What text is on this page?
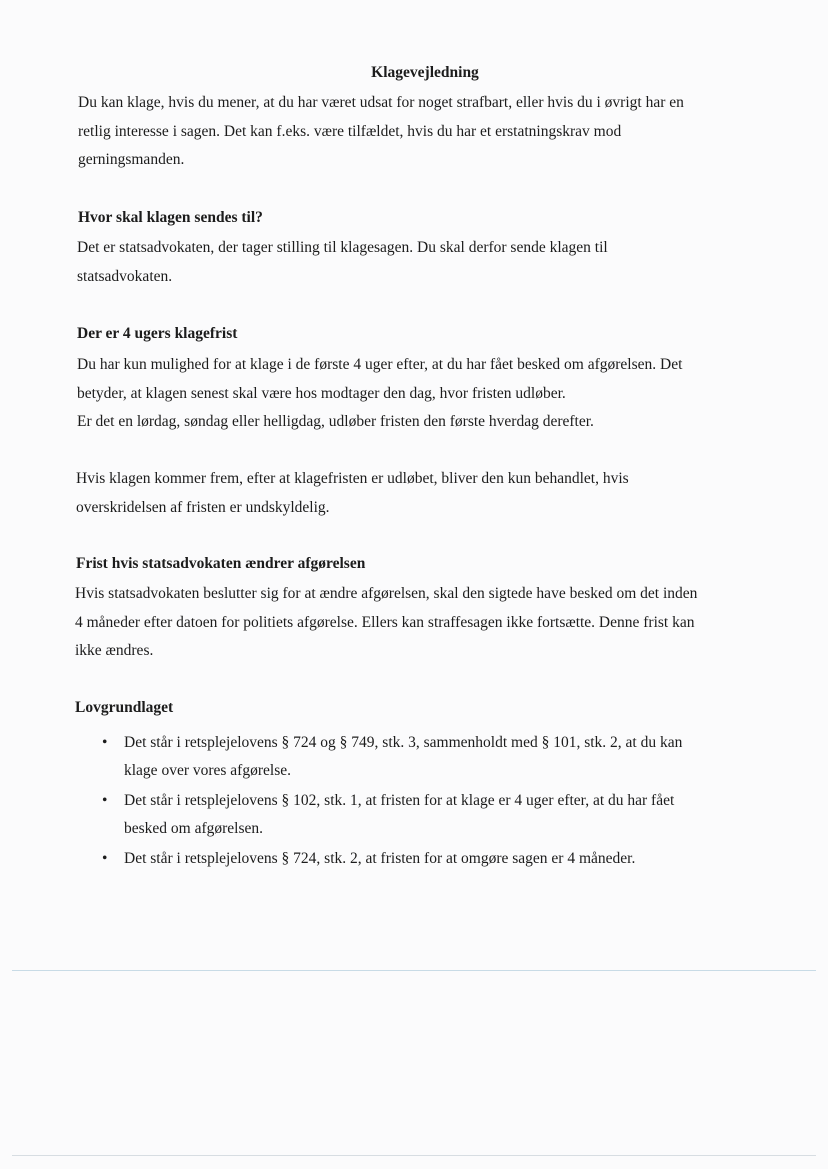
Klagevejledning
Du kan klage, hvis du mener, at du har været udsat for noget strafbart, eller hvis du i øvrigt har en
retlig interesse i sagen. Det kan f.eks. være tilfældet, hvis du har et erstatningskrav mod
gerningsmanden.
Hvor skal klagen sendes til?
Det er statsadvokaten, der tager stilling til klagesagen. Du skal derfor sende klagen til
statsadvokaten.
Der er 4 ugers klagefrist
Du har kun mulighed for at klage i de første 4 uger efter, at du har fået besked om afgørelsen. Det
betyder, at klagen senest skal være hos modtager den dag, hvor fristen udløber.
Er det en lørdag, søndag eller helligdag, udløber fristen den første hverdag derefter.
Hvis klagen kommer frem, efter at klagefristen er udløbet, bliver den kun behandlet, hvis
overskridelsen af fristen er undskyldelig.
Frist hvis statsadvokaten ændrer afgørelsen
Hvis statsadvokaten beslutter sig for at ændre afgørelsen, skal den sigtede have besked om det inden
4 måneder efter datoen for politiets afgørelse. Ellers kan straffesagen ikke fortsætte. Denne frist kan
ikke ændres.
Lovgrundlaget
• Det står i retsplejelovens § 724 og § 749, stk. 3, sammenholdt med § 101, stk. 2, at du kan
klage over vores afgørelse.
• Det står i retsplejelovens § 102, stk. 1, at fristen for at klage er 4 uger efter, at du har fået
besked om afgørelsen.
• Det står i retsplejelovens § 724, stk. 2, at fristen for at omgøre sagen er 4 måneder.
